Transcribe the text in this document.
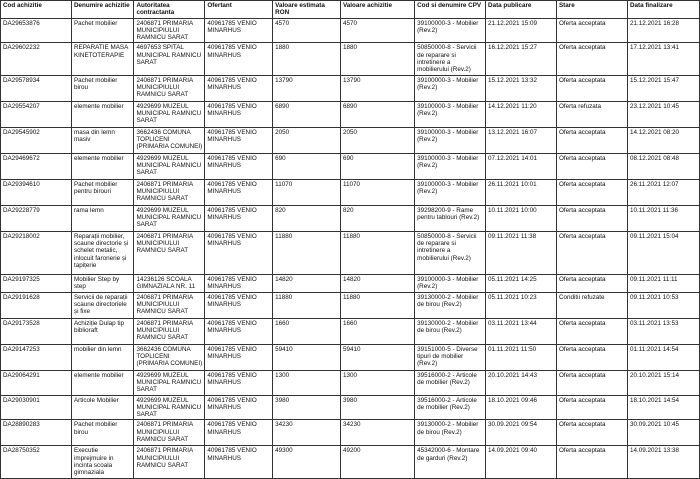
Cod achizitie	Denumire achizitie	Autoritatea contractanta	Ofertant	Valoare estimata RON	Valoare achizitie	Cod si denumire CPV	Data publicare	Stare	Data finalizare
DA29653876	Pachet mobilier	2406871 PRIMARIA MUNICIPIULUI RAMNICU SARAT	40961785 VENIO MINARHUS	4570	4570	39100000-3 - Mobilier (Rev.2)	21.12.2021 15:09	Oferta acceptata	21.12.2021 16:28
DA29602232	REPARATIE MASA KINETOTERAPIE	4697653 SPITAL MUNICIPAL RAMNICU SARAT	40961785 VENIO MINARHUS	1880	1880	50850000-8 - Servicii de reparare si intretinere a mobilierului (Rev.2)	16.12.2021 15:27	Oferta acceptata	17.12.2021 13:41
DA29578934	Pachet mobilier birou	2406871 PRIMARIA MUNICIPIULUI RAMNICU SARAT	40961785 VENIO MINARHUS	13790	13790	39100000-3 - Mobilier (Rev.2)	15.12.2021 13:32	Oferta acceptata	15.12.2021 15:47
DA29554207	elemente mobilier	4929699 MUZEUL MUNICIPAL RAMNICU SARAT	40961785 VENIO MINARHUS	6890	6890	39100000-3 - Mobilier (Rev.2)	14.12.2021 11:20	Oferta refuzata	23.12.2021 10:45
DA29545902	masa din lemn masiv	3662436 COMUNA TOPLICENI (PRIMARIA COMUNEI)	40961785 VENIO MINARHUS	2050	2050	39100000-3 - Mobilier (Rev.2)	13.12.2021 16:07	Oferta acceptata	14.12.2021 08:20
DA29469672	elemente mobilier	4929699 MUZEUL MUNICIPAL RAMNICU SARAT	40961785 VENIO MINARHUS	690	690	39100000-3 - Mobilier (Rev.2)	07.12.2021 14:01	Oferta acceptata	08.12.2021 08:48
DA29394610	Pachet mobilier pentru birouri	2406871 PRIMARIA MUNICIPIULUI RAMNICU SARAT	40961785 VENIO MINARHUS	11070	11070	39100000-3 - Mobilier (Rev.2)	26.11.2021 10:01	Oferta acceptata	26.11.2021 12:07
DA29228779	rama lemn	4929699 MUZEUL MUNICIPAL RAMNICU SARAT	40961785 VENIO MINARHUS	820	820	39298200-9 - Rame pentru tablouri (Rev.2)	10.11.2021 10:00	Oferta acceptata	10.11.2021 11:36
DA29218002	Reparații mobilier, scaune directorie și schelet metalic, inlocuit faronerie și tapițerie	2406871 PRIMARIA MUNICIPIULUI RAMNICU SARAT	40961785 VENIO MINARHUS	11880	11880	50850000-8 - Servicii de reparare si intretinere a mobilierului (Rev.2)	09.11.2021 11:38	Oferta acceptata	09.11.2021 15:04
DA29197325	Mobilier Step by step	14236126 SCOALA GIMNAZIALA NR. 11	40961785 VENIO MINARHUS	14820	14820	39100000-3 - Mobilier (Rev.2)	05.11.2021 14:25	Oferta acceptata	09.11.2021 11:11
DA29191628	Servicii de reparații scaune directoriele și fixe	2406871 PRIMARIA MUNICIPIULUI RAMNICU SARAT	40961785 VENIO MINARHUS	11880	11880	39130000-2 - Mobilier de birou (Rev.2)	05.11.2021 10:23	Conditii refuzate	09.11.2021 10:53
DA29173528	Achiziție Dulap tip biblioraft	2406871 PRIMARIA MUNICIPIULUI RAMNICU SARAT	40961785 VENIO MINARHUS	1660	1660	39130000-2 - Mobilier de birou (Rev.2)	03.11.2021 13:44	Oferta acceptata	03.11.2021 13:53
DA29147253	mobilier din lemn	3662436 COMUNA TOPLICENI (PRIMARIA COMUNEI)	40961785 VENIO MINARHUS	59410	59410	39151000-5 - Diverse tipuri de mobilier (Rev.2)	01.11.2021 11:50	Oferta acceptata	01.11.2021 14:54
DA29064291	elemente mobilier	4929699 MUZEUL MUNICIPAL RAMNICU SARAT	40961785 VENIO MINARHUS	1300	1300	39516000-2 - Articole de mobilier (Rev.2)	20.10.2021 14:43	Oferta acceptata	20.10.2021 15:14
DA29030901	Articole Mobilier	4929699 MUZEUL MUNICIPAL RAMNICU SARAT	40961785 VENIO MINARHUS	3980	3980	39516000-2 - Articole de mobilier (Rev.2)	18.10.2021 09:46	Oferta acceptata	18.10.2021 14:54
DA28890283	Pachet mobilier birou	2406871 PRIMARIA MUNICIPIULUI RAMNICU SARAT	40961785 VENIO MINARHUS	34230	34230	39130000-2 - Mobilier de birou (Rev.2)	30.09.2021 09:54	Oferta acceptata	30.09.2021 10:45
DA28750352	Executie imprejmuire in incinta scoala gimnaziala	2406871 PRIMARIA MUNICIPIULUI RAMNICU SARAT	40961785 VENIO MINARHUS	49300	49200	45342000-6 - Montare de garduri (Rev.2)	14.09.2021 09:40	Oferta acceptata	14.09.2021 13:38
